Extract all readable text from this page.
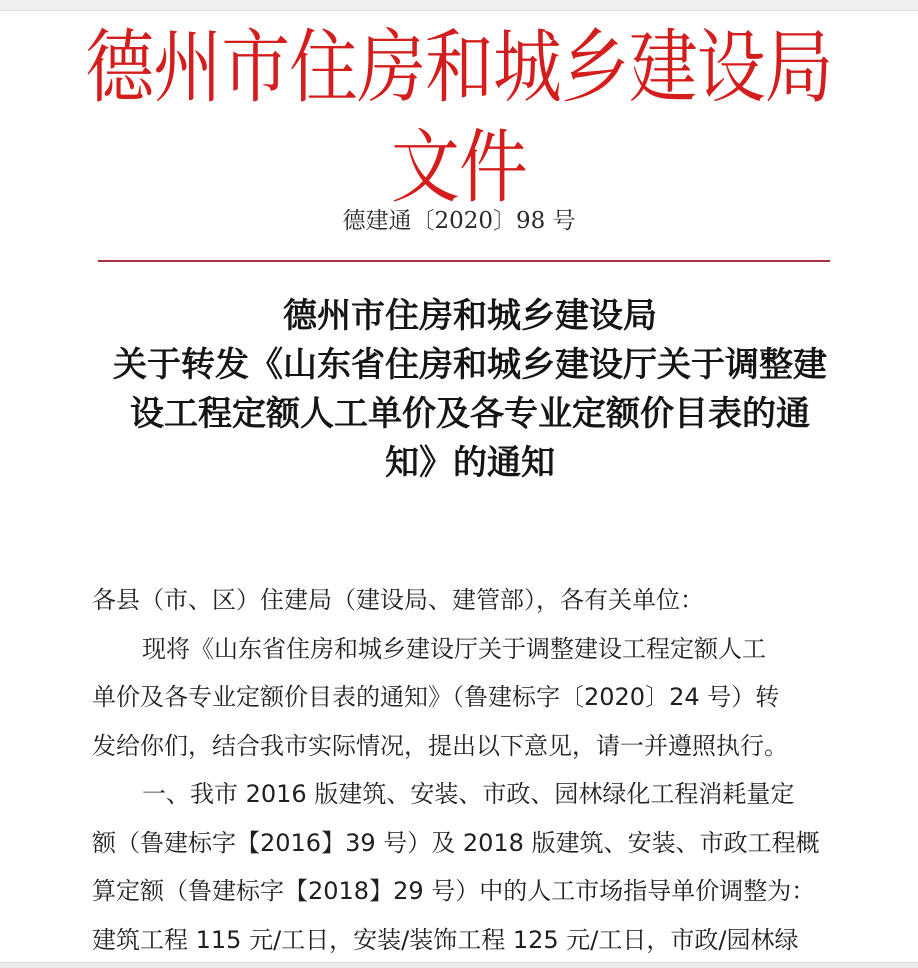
德州市住房和城乡建设局文件
德建通〔2020〕98 号
德州市住房和城乡建设局
关于转发《山东省住房和城乡建设厅关于调整建
设工程定额人工单价及各专业定额价目表的通
知》的通知
各县（市、区）住建局（建设局、建管部），各有关单位：
现将《山东省住房和城乡建设厅关于调整建设工程定额人工
单价及各专业定额价目表的通知》（鲁建标字〔2020〕24 号）转
发给你们，结合我市实际情况，提出以下意见，请一并遵照执行。
一、我市 2016 版建筑、安装、市政、园林绿化工程消耗量定
额（鲁建标字【2016】39 号）及 2018 版建筑、安装、市政工程概
算定额（鲁建标字【2018】29 号）中的人工市场指导单价调整为：
建筑工程 115 元/工日，安装/装饰工程 125 元/工日，市政/园林绿
